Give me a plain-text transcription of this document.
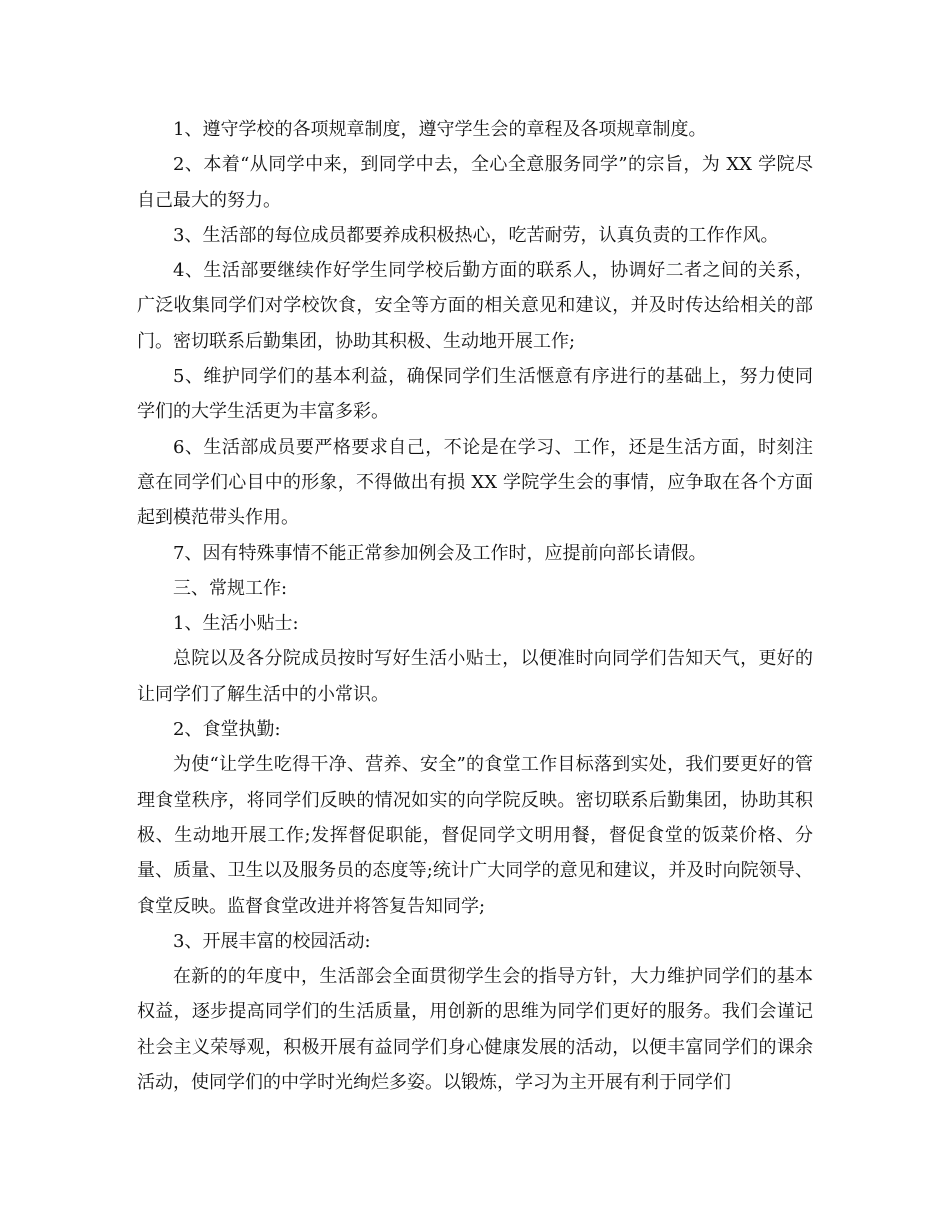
1、遵守学校的各项规章制度，遵守学生会的章程及各项规章制度。

2、本着“从同学中来，到同学中去，全心全意服务同学”的宗旨，为 XX 学院尽自己最大的努力。

3、生活部的每位成员都要养成积极热心，吃苦耐劳，认真负责的工作作风。

4、生活部要继续作好学生同学校后勤方面的联系人，协调好二者之间的关系，广泛收集同学们对学校饮食，安全等方面的相关意见和建议，并及时传达给相关的部门。密切联系后勤集团，协助其积极、生动地开展工作;

5、维护同学们的基本利益，确保同学们生活惬意有序进行的基础上，努力使同学们的大学生活更为丰富多彩。

6、生活部成员要严格要求自己，不论是在学习、工作，还是生活方面，时刻注意在同学们心目中的形象，不得做出有损 XX 学院学生会的事情，应争取在各个方面起到模范带头作用。

7、因有特殊事情不能正常参加例会及工作时，应提前向部长请假。

三、常规工作:

1、生活小贴士:

总院以及各分院成员按时写好生活小贴士，以便准时向同学们告知天气，更好的让同学们了解生活中的小常识。

2、食堂执勤:

为使“让学生吃得干净、营养、安全”的食堂工作目标落到实处，我们要更好的管理食堂秩序，将同学们反映的情况如实的向学院反映。密切联系后勤集团，协助其积极、生动地开展工作;发挥督促职能，督促同学文明用餐，督促食堂的饭菜价格、分量、质量、卫生以及服务员的态度等;统计广大同学的意见和建议，并及时向院领导、食堂反映。监督食堂改进并将答复告知同学;

3、开展丰富的校园活动:

在新的的年度中，生活部会全面贯彻学生会的指导方针，大力维护同学们的基本权益，逐步提高同学们的生活质量，用创新的思维为同学们更好的服务。我们会谨记社会主义荣辱观，积极开展有益同学们身心健康发展的活动，以便丰富同学们的课余活动，使同学们的中学时光绚烂多姿。以锻炼，学习为主开展有利于同学们
